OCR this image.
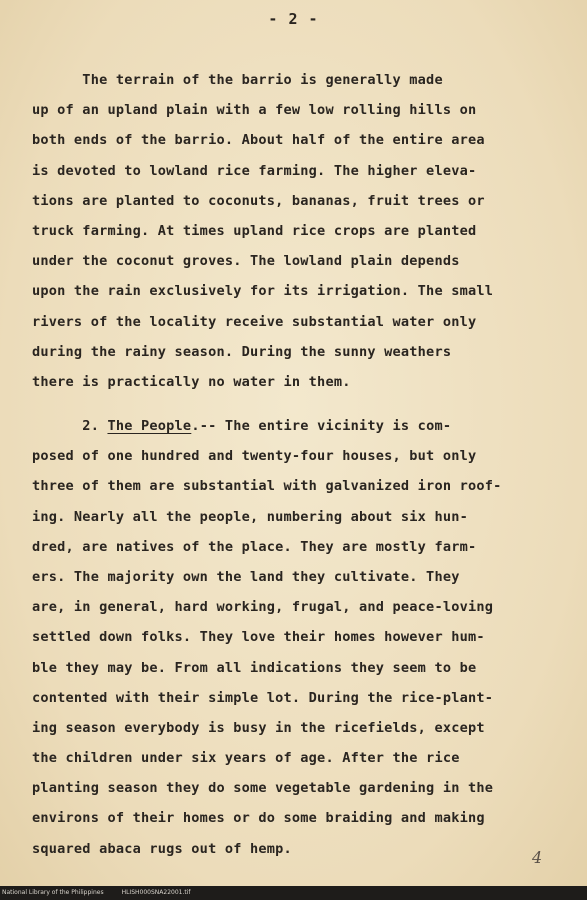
- 2 -
The terrain of the barrio is generally made
up of an upland plain with a few low rolling hills on
both ends of the barrio. About half of the entire area
is devoted to lowland rice farming. The higher eleva-
tions are planted to coconuts, bananas, fruit trees or
truck farming. At times upland rice crops are planted
under the coconut groves. The lowland plain depends
upon the rain exclusively for its irrigation. The small
rivers of the locality receive substantial water only
during the rainy season. During the sunny weathers
there is practically no water in them.
2. The People.-- The entire vicinity is com-
posed of one hundred and twenty-four houses, but only
three of them are substantial with galvanized iron roof-
ing. Nearly all the people, numbering about six hun-
dred, are natives of the place. They are mostly farm-
ers. The majority own the land they cultivate. They
are, in general, hard working, frugal, and peace-loving
settled down folks. They love their homes however hum-
ble they may be. From all indications they seem to be
contented with their simple lot. During the rice-plant-
ing season everybody is busy in the ricefields, except
the children under six years of age. After the rice
planting season they do some vegetable gardening in the
environs of their homes or do some braiding and making
squared abaca rugs out of hemp.	4
National Library of the Philippines	HLISH000SNA22001.tif
